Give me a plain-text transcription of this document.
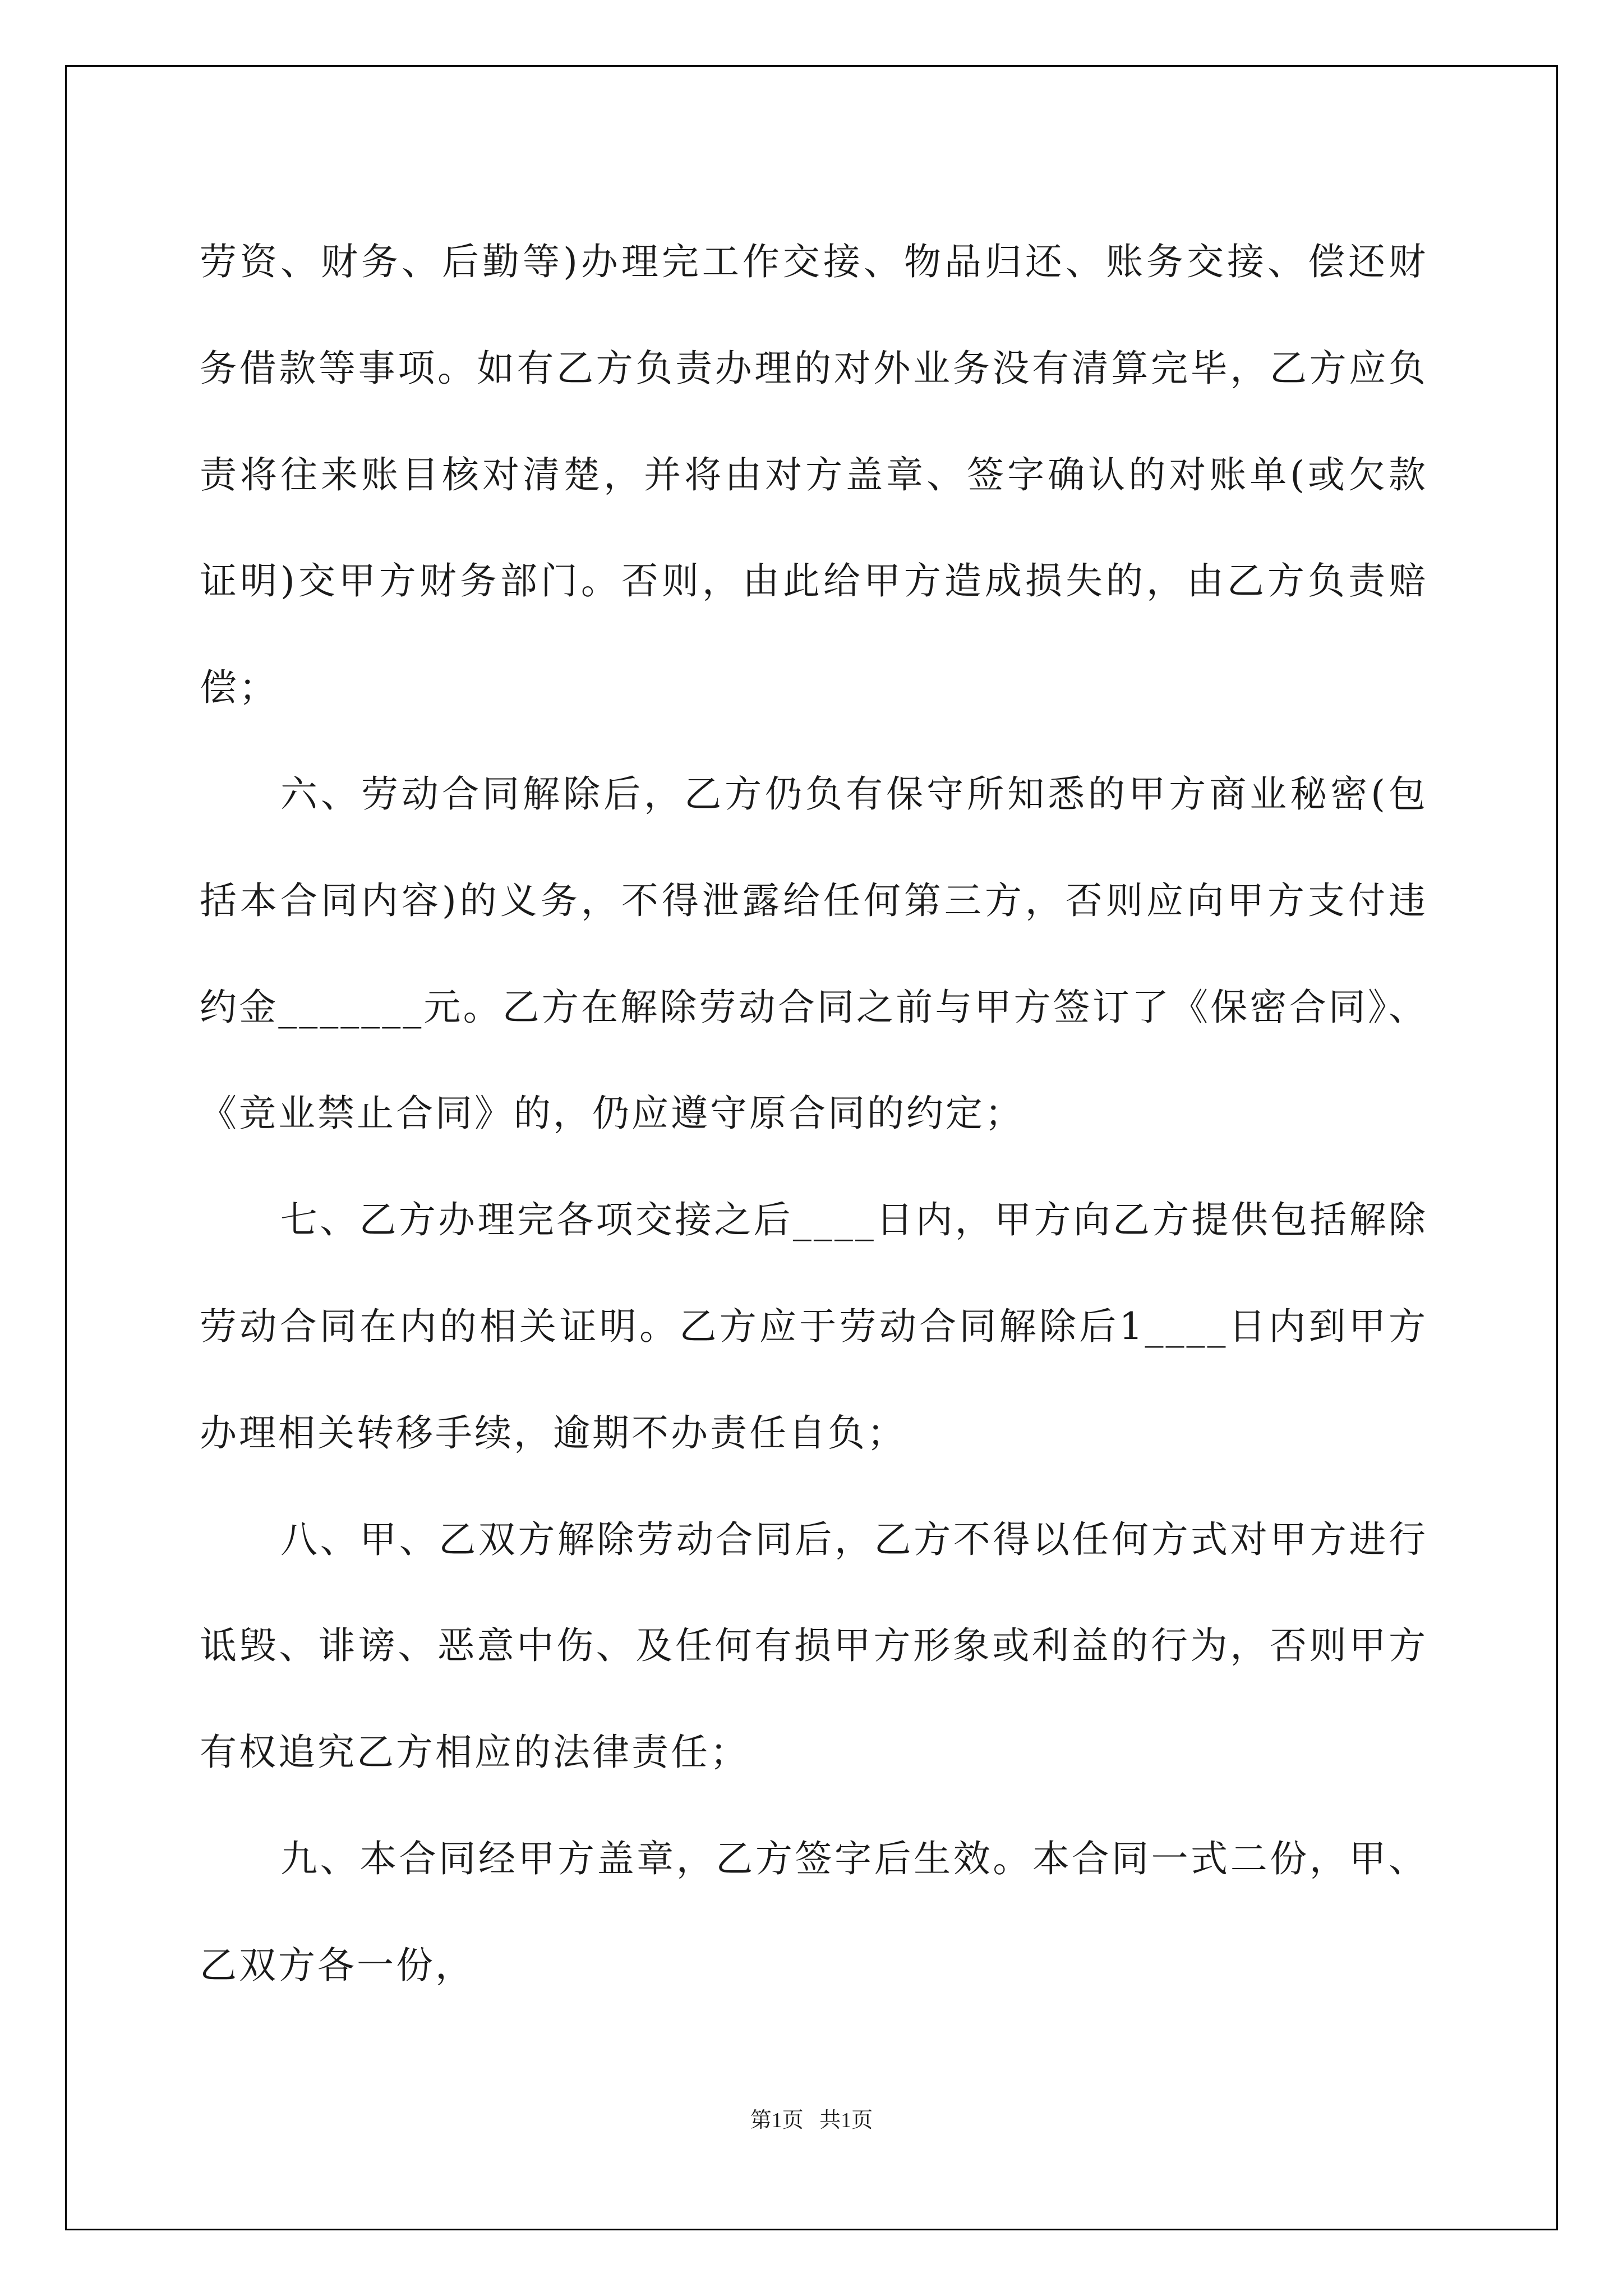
劳资、财务、后勤等)办理完工作交接、物品归还、账务交接、偿还财务借款等事项。如有乙方负责办理的对外业务没有清算完毕，乙方应负责将往来账目核对清楚，并将由对方盖章、签字确认的对账单(或欠款证明)交甲方财务部门。否则，由此给甲方造成损失的，由乙方负责赔偿；

六、劳动合同解除后，乙方仍负有保守所知悉的甲方商业秘密(包括本合同内容)的义务，不得泄露给任何第三方，否则应向甲方支付违约金_______元。乙方在解除劳动合同之前与甲方签订了《保密合同》、《竞业禁止合同》的，仍应遵守原合同的约定；

七、乙方办理完各项交接之后____日内，甲方向乙方提供包括解除劳动合同在内的相关证明。乙方应于劳动合同解除后1____日内到甲方办理相关转移手续，逾期不办责任自负；

八、甲、乙双方解除劳动合同后，乙方不得以任何方式对甲方进行诋毁、诽谤、恶意中伤、及任何有损甲方形象或利益的行为，否则甲方有权追究乙方相应的法律责任；

九、本合同经甲方盖章，乙方签字后生效。本合同一式二份，甲、乙双方各一份，

第1页 共1页
